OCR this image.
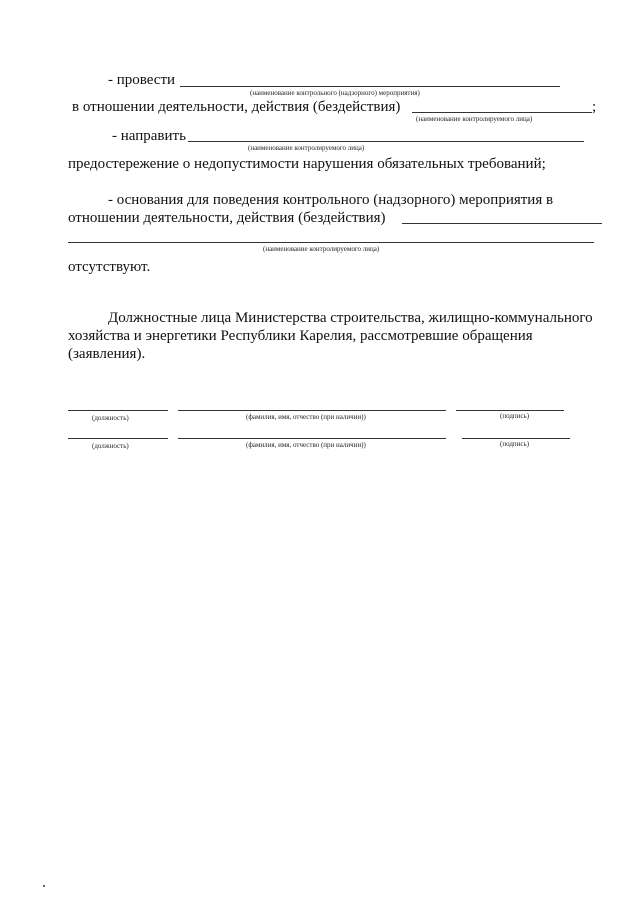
- провести
(наименование контрольного (надзорного) мероприятия)
в отношении деятельности, действия (бездействия)	;
(наименование контролируемого лица)
- направить
(наименование контролируемого лица)
предостережение о недопустимости нарушения обязательных требований;
- основания для поведения контрольного (надзорного) мероприятия в
отношении деятельности, действия (бездействия)
(наименование контролируемого лица)
отсутствуют.
Должностные лица Министерства строительства, жилищно-коммунального
хозяйства и энергетики Республики Карелия, рассмотревшие обращения
(заявления).
(должность)	(фамилия, имя, отчество (при наличии))	(подпись)
(должность)	(фамилия, имя, отчество (при наличии))	(подпись)
